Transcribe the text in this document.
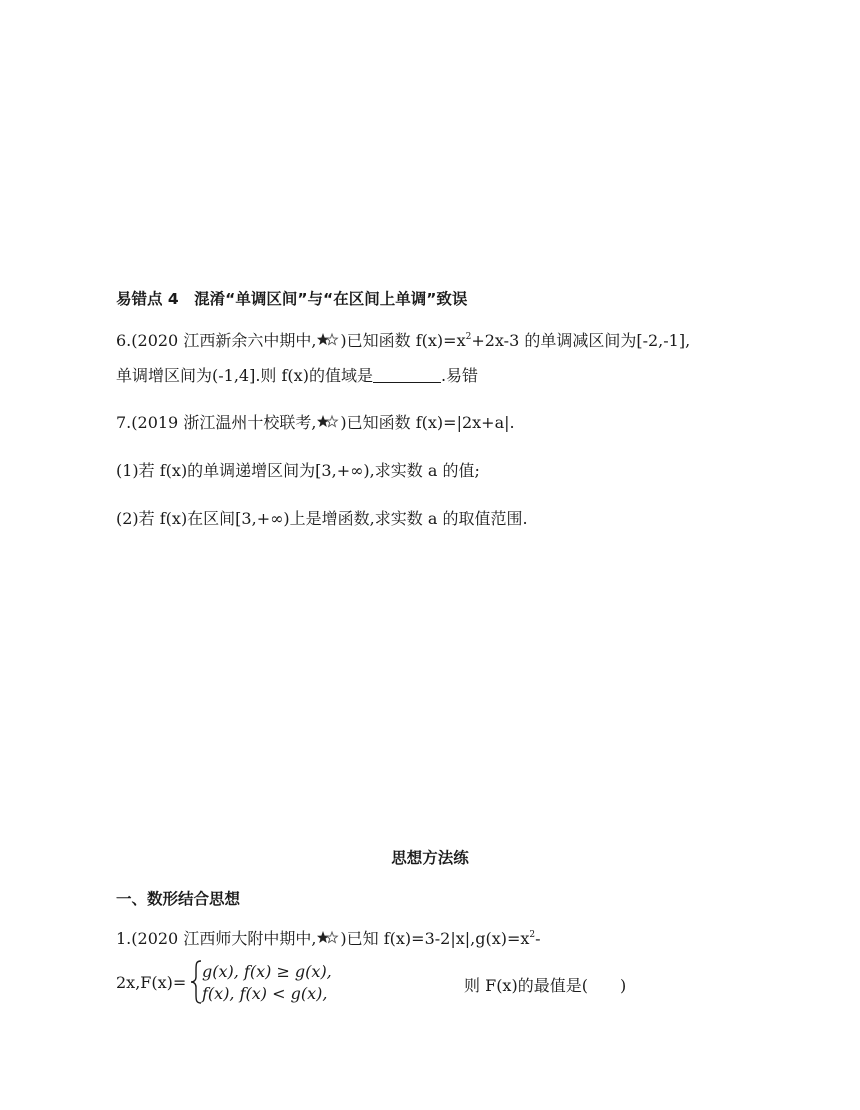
易错点 4　混淆“单调区间”与“在区间上单调”致误
6.(2020 江西新余六中期中, )已知函数 $f(x)=x^2+2x-3$ 的单调减区间为[-2,-1],
单调增区间为(-1,4].则 f(x)的值域是	.易错
7.(2019 浙江温州十校联考, )已知函数 f(x)=|2x+a|.
(1)若 f(x)的单调递增区间为[3,+∞),求实数 a 的值;
(2)若 f(x)在区间[3,+∞)上是增函数,求实数 a 的取值范围.
思想方法练
一、数形结合思想
1.(2020 江西师大附中期中, )已知 $f(x)=3-2|x|,g(x)=x^2-$
2x,F(x)=
g(x), f(x) ≥ g(x),
f(x), f(x) < g(x),	则 F(x)的最值是(　　)
